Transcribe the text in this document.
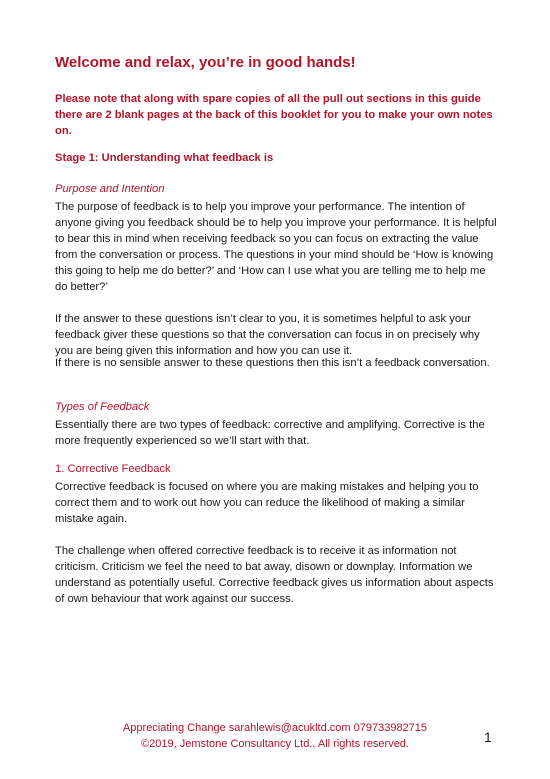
Welcome and relax, you’re in good hands!
Please note that along with spare copies of all the pull out sections in this guide there are 2 blank pages at the back of this booklet for you to make your own notes on.
Stage 1: Understanding what feedback is
Purpose and Intention

The purpose of feedback is to help you improve your performance. The intention of anyone giving you feedback should be to help you improve your performance. It is helpful to bear this in mind when receiving feedback so you can focus on extracting the value from the conversation or process. The questions in your mind should be ‘How is knowing this going to help me do better?’ and ‘How can I use what you are telling me to help me do better?’

If the answer to these questions isn’t clear to you, it is sometimes helpful to ask your feedback giver these questions so that the conversation can focus in on precisely why you are being given this information and how you can use it.

If there is no sensible answer to these questions then this isn’t a feedback conversation.

Types of Feedback

Essentially there are two types of feedback: corrective and amplifying. Corrective is the more frequently experienced so we’ll start with that.

1. Corrective Feedback

Corrective feedback is focused on where you are making mistakes and helping you to correct them and to work out how you can reduce the likelihood of making a similar mistake again.

The challenge when offered corrective feedback is to receive it as information not criticism. Criticism we feel the need to bat away, disown or downplay. Information we understand as potentially useful. Corrective feedback gives us information about aspects of own behaviour that work against our success.

Appreciating Change sarahlewis@acukltd.com 079733982715
©2019, Jemstone Consultancy Ltd., All rights reserved.	1
